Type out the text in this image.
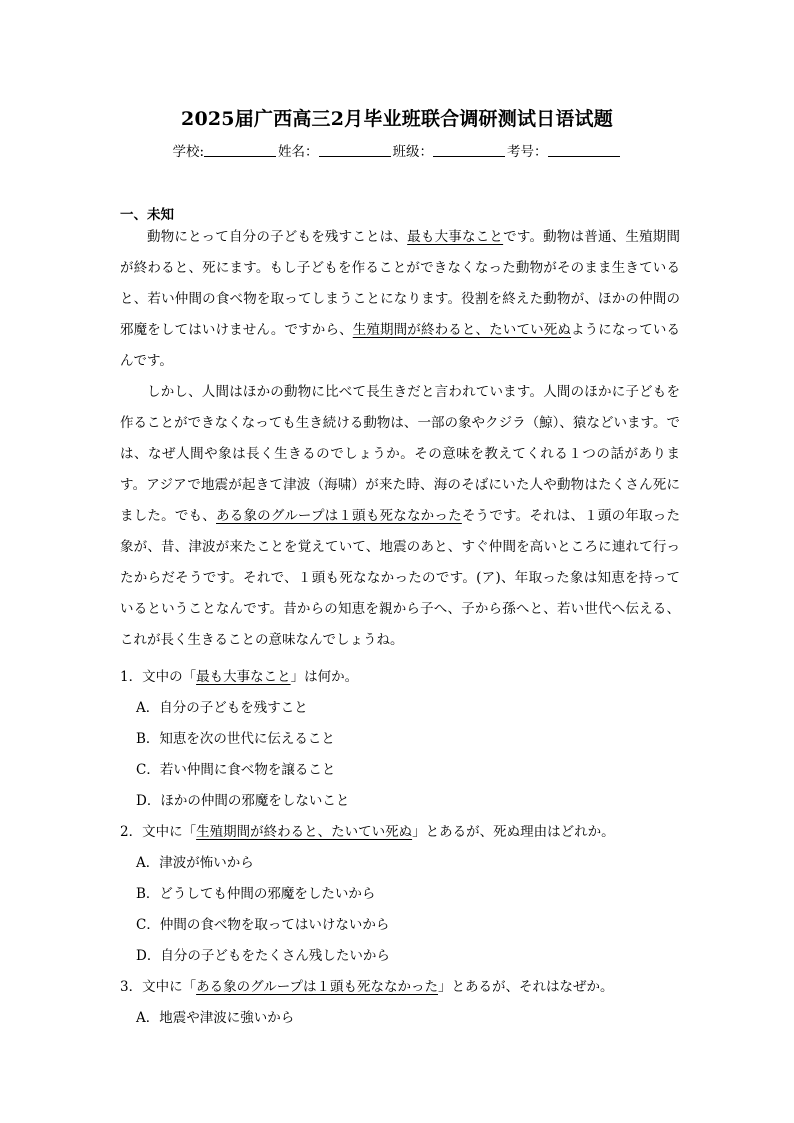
2025届广西高三2月毕业班联合调研测试日语试题
学校:	姓名：	班级：	考号：
一、未知

動物にとって自分の子どもを残すことは、最も大事なことです。動物は普通、生殖期間が終わると、死にます。もし子どもを作ることができなくなった動物がそのまま生きていると、若い仲間の食べ物を取ってしまうことになります。役割を終えた動物が、ほかの仲間の邪魔をしてはいけません。ですから、生殖期間が終わると、たいてい死ぬようになっているんです。

しかし、人間はほかの動物に比べて長生きだと言われています。人間のほかに子どもを作ることができなくなっても生き続ける動物は、一部の象やクジラ（鯨）、猿などいます。では、なぜ人間や象は長く生きるのでしょうか。その意味を教えてくれる１つの話があります。アジアで地震が起きて津波（海啸）が来た時、海のそばにいた人や動物はたくさん死にました。でも、ある象のグループは１頭も死ななかったそうです。それは、１頭の年取った象が、昔、津波が来たことを覚えていて、地震のあと、すぐ仲間を高いところに連れて行ったからだそうです。それで、１頭も死ななかったのです。(ア)、年取った象は知恵を持っているということなんです。昔からの知恵を親から子へ、子から孫へと、若い世代へ伝える、これが長く生きることの意味なんでしょうね。

1．文中の「最も大事なこと」は何か。
A．自分の子どもを残すこと
B．知恵を次の世代に伝えること
C．若い仲間に食べ物を譲ること
D．ほかの仲間の邪魔をしないこと
2．文中に「生殖期間が終わると、たいてい死ぬ」とあるが、死ぬ理由はどれか。
A．津波が怖いから
B．どうしても仲間の邪魔をしたいから
C．仲間の食べ物を取ってはいけないから
D．自分の子どもをたくさん残したいから
3．文中に「ある象のグループは１頭も死ななかった」とあるが、それはなぜか。
A．地震や津波に強いから
